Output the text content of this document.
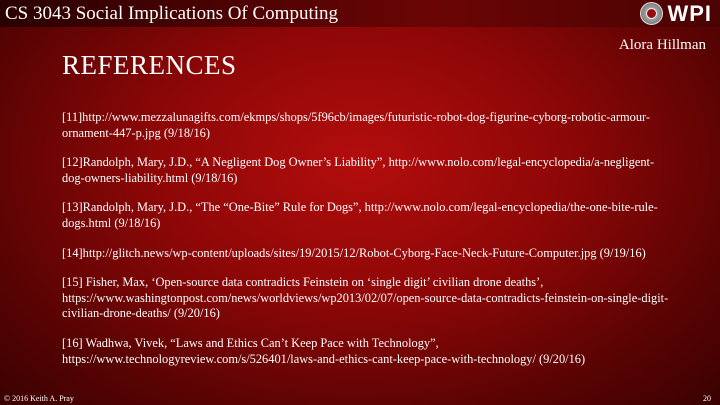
CS 3043 Social Implications Of Computing	WPI
Alora Hillman
REFERENCES
[11]http://www.mezzalunagifts.com/ekmps/shops/5f96cb/images/futuristic-robot-dog-figurine-cyborg-robotic-armour-ornament-447-p.jpg (9/18/16)
[12]Randolph, Mary, J.D., “A Negligent Dog Owner’s Liability”, http://www.nolo.com/legal-encyclopedia/a-negligent-dog-owners-liability.html (9/18/16)
[13]Randolph, Mary, J.D., “The “One-Bite” Rule for Dogs”, http://www.nolo.com/legal-encyclopedia/the-one-bite-rule-dogs.html (9/18/16)
[14]http://glitch.news/wp-content/uploads/sites/19/2015/12/Robot-Cyborg-Face-Neck-Future-Computer.jpg (9/19/16)
[15] Fisher, Max, ‘Open-source data contradicts Feinstein on ‘single digit’ civilian drone deaths’, https://www.washingtonpost.com/news/worldviews/wp2013/02/07/open-source-data-contradicts-feinstein-on-single-digit-civilian-drone-deaths/ (9/20/16)
[16] Wadhwa, Vivek, “Laws and Ethics Can’t Keep Pace with Technology”, https://www.technologyreview.com/s/526401/laws-and-ethics-cant-keep-pace-with-technology/ (9/20/16)
© 2016 Keith A. Pray	20
